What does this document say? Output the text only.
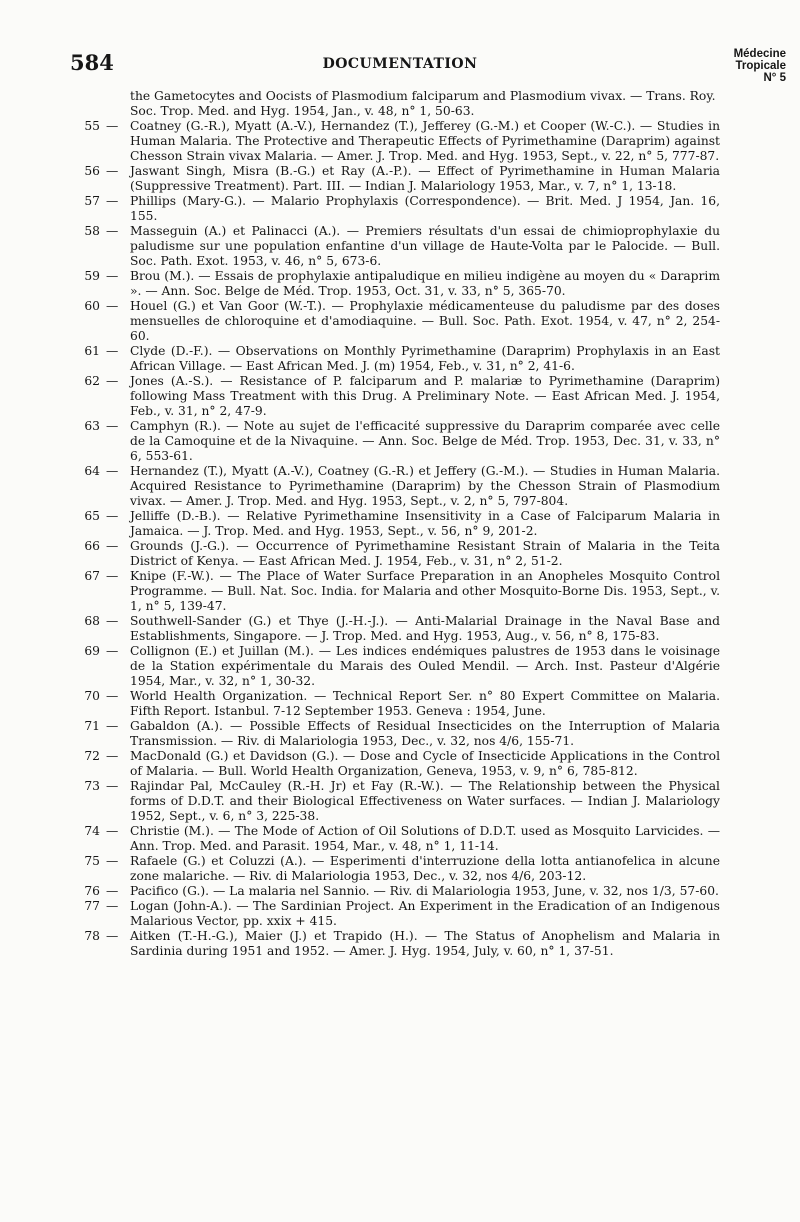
584	DOCUMENTATION
Médecine
Tropicale
N° 5
the Gametocytes and Oocists of Plasmodium falciparum and Plasmodium vivax. — Trans. Roy. Soc. Trop. Med. and Hyg. 1954, Jan., v. 48, n° 1, 50-63.
55 — Coatney (G.-R.), Myatt (A.-V.), Hernandez (T.), Jefferey (G.-M.) et Cooper (W.-C.). — Studies in Human Malaria. The Protective and Therapeutic Effects of Pyrimethamine (Daraprim) against Chesson Strain vivax Malaria. — Amer. J. Trop. Med. and Hyg. 1953, Sept., v. 22, n° 5, 777-87.
56 — Jaswant Singh, Misra (B.-G.) et Ray (A.-P.). — Effect of Pyrimethamine in Human Malaria (Suppressive Treatment). Part. III. — Indian J. Malariology 1953, Mar., v. 7, n° 1, 13-18.
57 — Phillips (Mary-G.). — Malario Prophylaxis (Correspondence). — Brit. Med. J 1954, Jan. 16, 155.
58 — Masseguin (A.) et Palinacci (A.). — Premiers résultats d'un essai de chimioprophylaxie du paludisme sur une population enfantine d'un village de Haute-Volta par le Palocide. — Bull. Soc. Path. Exot. 1953, v. 46, n° 5, 673-6.
59 — Brou (M.). — Essais de prophylaxie antipaludique en milieu indigène au moyen du « Daraprim ». — Ann. Soc. Belge de Méd. Trop. 1953, Oct. 31, v. 33, n° 5, 365-70.
60 — Houel (G.) et Van Goor (W.-T.). — Prophylaxie médicamenteuse du paludisme par des doses mensuelles de chloroquine et d'amodiaquine. — Bull. Soc. Path. Exot. 1954, v. 47, n° 2, 254-60.
61 — Clyde (D.-F.). — Observations on Monthly Pyrimethamine (Daraprim) Prophylaxis in an East African Village. — East African Med. J. (m) 1954, Feb., v. 31, n° 2, 41-6.
62 — Jones (A.-S.). — Resistance of P. falciparum and P. malariæ to Pyrimethamine (Daraprim) following Mass Treatment with this Drug. A Preliminary Note. — East African Med. J. 1954, Feb., v. 31, n° 2, 47-9.
63 — Camphyn (R.). — Note au sujet de l'efficacité suppressive du Daraprim comparée avec celle de la Camoquine et de la Nivaquine. — Ann. Soc. Belge de Méd. Trop. 1953, Dec. 31, v. 33, n° 6, 553-61.
64 — Hernandez (T.), Myatt (A.-V.), Coatney (G.-R.) et Jeffery (G.-M.). — Studies in Human Malaria. Acquired Resistance to Pyrimethamine (Daraprim) by the Chesson Strain of Plasmodium vivax. — Amer. J. Trop. Med. and Hyg. 1953, Sept., v. 2, n° 5, 797-804.
65 — Jelliffe (D.-B.). — Relative Pyrimethamine Insensitivity in a Case of Falciparum Malaria in Jamaica. — J. Trop. Med. and Hyg. 1953, Sept., v. 56, n° 9, 201-2.
66 — Grounds (J.-G.). — Occurrence of Pyrimethamine Resistant Strain of Malaria in the Teita District of Kenya. — East African Med. J. 1954, Feb., v. 31, n° 2, 51-2.
67 — Knipe (F.-W.). — The Place of Water Surface Preparation in an Anopheles Mosquito Control Programme. — Bull. Nat. Soc. India. for Malaria and other Mosquito-Borne Dis. 1953, Sept., v. 1, n° 5, 139-47.
68 — Southwell-Sander (G.) et Thye (J.-H.-J.). — Anti-Malarial Drainage in the Naval Base and Establishments, Singapore. — J. Trop. Med. and Hyg. 1953, Aug., v. 56, n° 8, 175-83.
69 — Collignon (E.) et Juillan (M.). — Les indices endémiques palustres de 1953 dans le voisinage de la Station expérimentale du Marais des Ouled Mendil. — Arch. Inst. Pasteur d'Algérie 1954, Mar., v. 32, n° 1, 30-32.
70 — World Health Organization. — Technical Report Ser. n° 80 Expert Committee on Malaria. Fifth Report. Istanbul. 7-12 September 1953. Geneva : 1954, June.
71 — Gabaldon (A.). — Possible Effects of Residual Insecticides on the Interruption of Malaria Transmission. — Riv. di Malariologia 1953, Dec., v. 32, nos 4/6, 155-71.
72 — MacDonald (G.) et Davidson (G.). — Dose and Cycle of Insecticide Applications in the Control of Malaria. — Bull. World Health Organization, Geneva, 1953, v. 9, n° 6, 785-812.
73 — Rajindar Pal, McCauley (R.-H. Jr) et Fay (R.-W.). — The Relationship between the Physical forms of D.D.T. and their Biological Effectiveness on Water surfaces. — Indian J. Malariology 1952, Sept., v. 6, n° 3, 225-38.
74 — Christie (M.). — The Mode of Action of Oil Solutions of D.D.T. used as Mosquito Larvicides. — Ann. Trop. Med. and Parasit. 1954, Mar., v. 48, n° 1, 11-14.
75 — Rafaele (G.) et Coluzzi (A.). — Esperimenti d'interruzione della lotta antianofelica in alcune zone malariche. — Riv. di Malariologia 1953, Dec., v. 32, nos 4/6, 203-12.
76 — Pacifico (G.). — La malaria nel Sannio. — Riv. di Malariologia 1953, June, v. 32, nos 1/3, 57-60.
77 — Logan (John-A.). — The Sardinian Project. An Experiment in the Eradication of an Indigenous Malarious Vector, pp. xxix + 415.
78 — Aitken (T.-H.-G.), Maier (J.) et Trapido (H.). — The Status of Anophelism and Malaria in Sardinia during 1951 and 1952. — Amer. J. Hyg. 1954, July, v. 60, n° 1, 37-51.
